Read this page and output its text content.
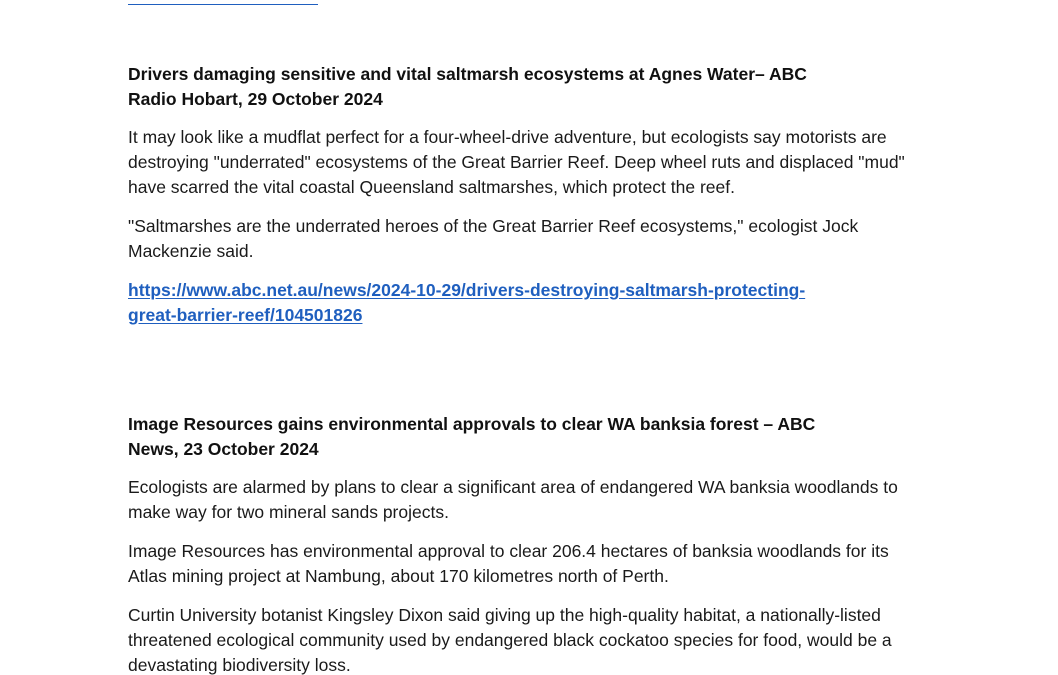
Drivers damaging sensitive and vital saltmarsh ecosystems at Agnes Water– ABC
Radio Hobart, 29 October 2024

It may look like a mudflat perfect for a four-wheel-drive adventure, but ecologists say motorists are destroying "underrated" ecosystems of the Great Barrier Reef. Deep wheel ruts and displaced "mud" have scarred the vital coastal Queensland saltmarshes, which protect the reef.

"Saltmarshes are the underrated heroes of the Great Barrier Reef ecosystems," ecologist Jock Mackenzie said.

https://www.abc.net.au/news/2024-10-29/drivers-destroying-saltmarsh-protecting-
great-barrier-reef/104501826

Image Resources gains environmental approvals to clear WA banksia forest – ABC
News, 23 October 2024

Ecologists are alarmed by plans to clear a significant area of endangered WA banksia woodlands to make way for two mineral sands projects.

Image Resources has environmental approval to clear 206.4 hectares of banksia woodlands for its Atlas mining project at Nambung, about 170 kilometres north of Perth.

Curtin University botanist Kingsley Dixon said giving up the high-quality habitat, a nationally-listed threatened ecological community used by endangered black cockatoo species for food, would be a devastating biodiversity loss.
